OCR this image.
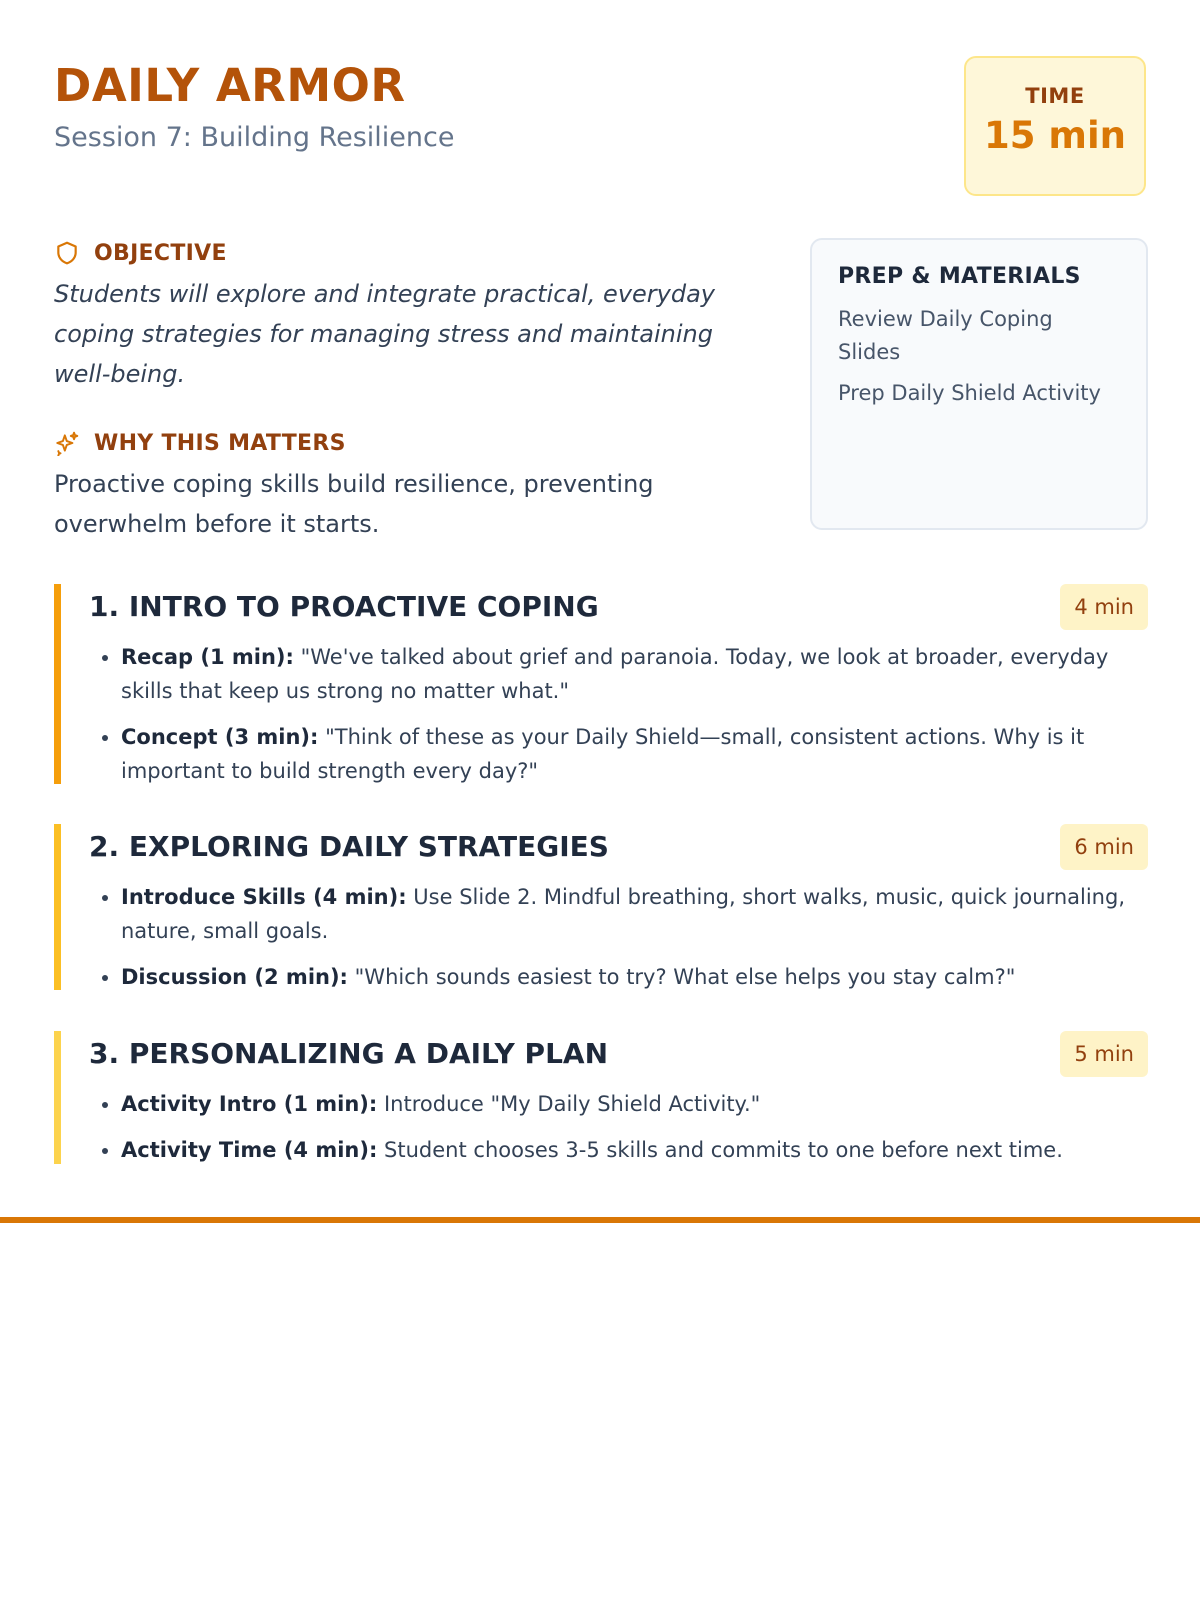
DAILY ARMOR
Session 7: Building Resilience
TIME
15 min
OBJECTIVE

Students will explore and integrate practical, everyday coping strategies for managing stress and maintaining well-being.

WHY THIS MATTERS

Proactive coping skills build resilience, preventing overwhelm before it starts.

PREP & MATERIALS
Review Daily Coping Slides
Prep Daily Shield Activity
1. INTRO TO PROACTIVE COPING	4 min
• Recap (1 min): "We've talked about grief and paranoia. Today, we look at broader, everyday skills that keep us strong no matter what."
• Concept (3 min): "Think of these as your Daily Shield—small, consistent actions. Why is it important to build strength every day?"
2. EXPLORING DAILY STRATEGIES	6 min
• Introduce Skills (4 min): Use Slide 2. Mindful breathing, short walks, music, quick journaling, nature, small goals.
• Discussion (2 min): "Which sounds easiest to try? What else helps you stay calm?"
3. PERSONALIZING A DAILY PLAN	5 min
• Activity Intro (1 min): Introduce "My Daily Shield Activity."
• Activity Time (4 min): Student chooses 3-5 skills and commits to one before next time.
